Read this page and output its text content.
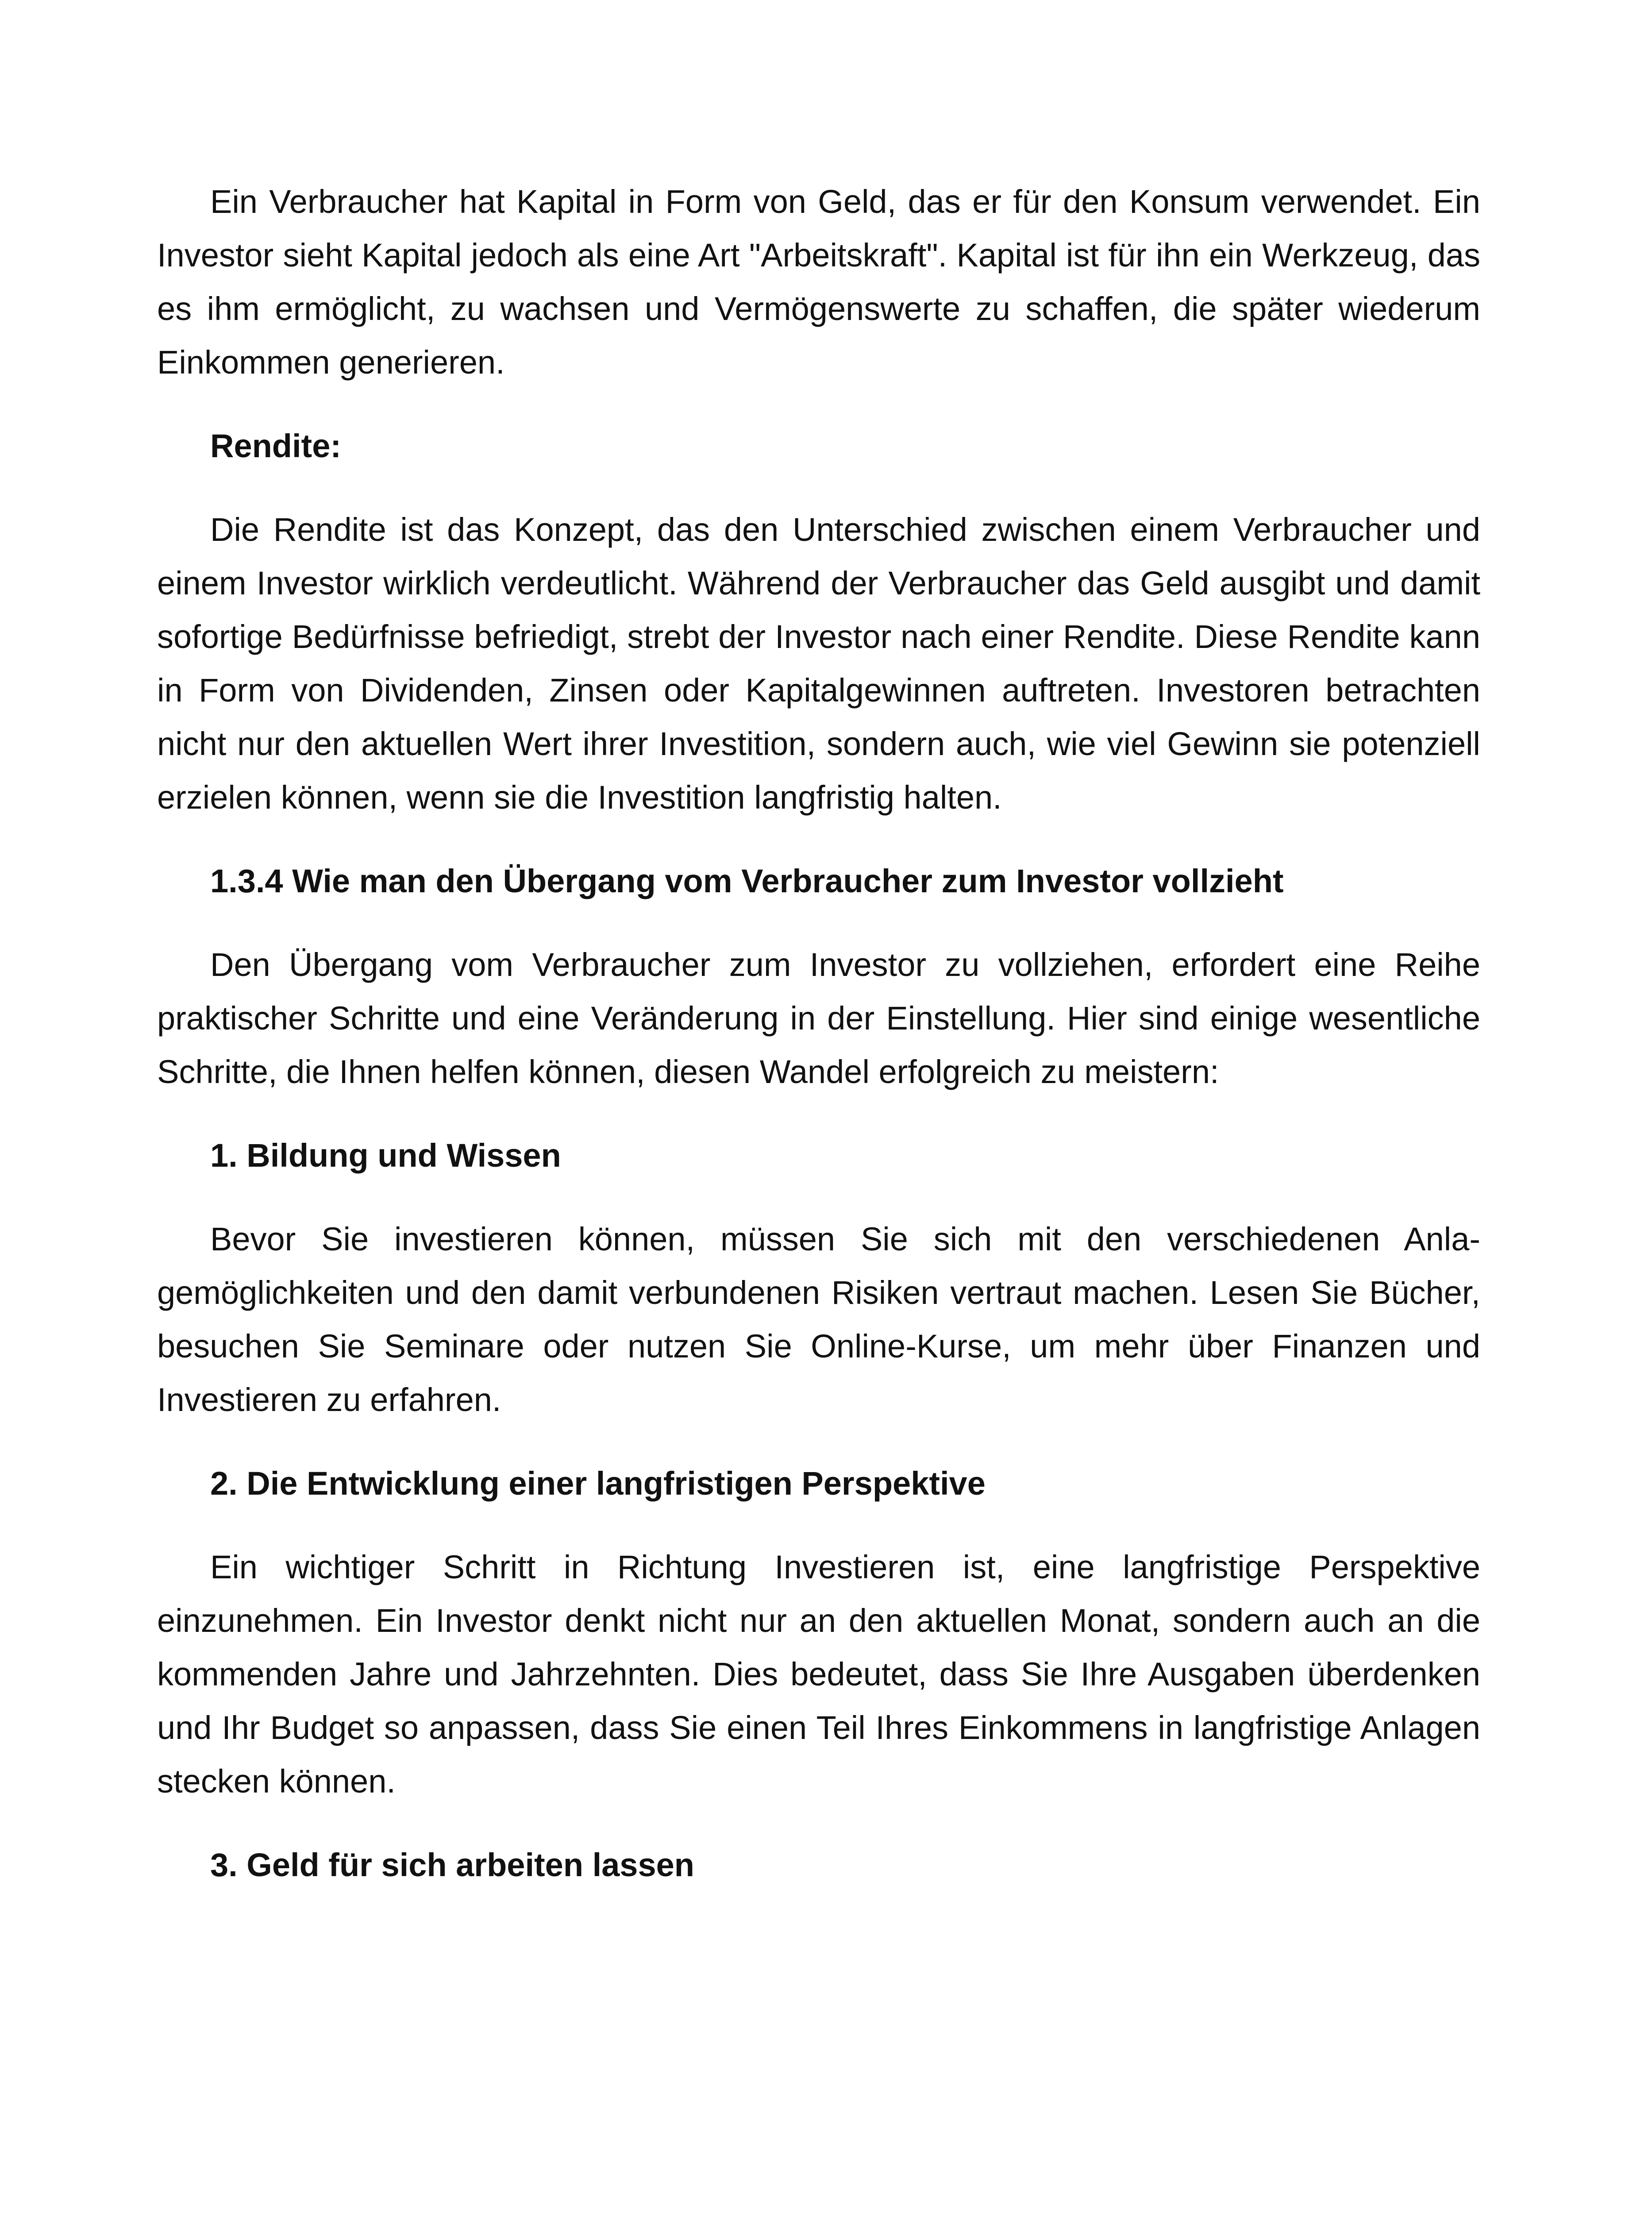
Ein Verbraucher hat Kapital in Form von Geld, das er für den Konsum verwendet. Ein Investor sieht Kapital jedoch als eine Art "Arbeitskraft". Kapital ist für ihn ein Werkzeug, das es ihm ermöglicht, zu wachsen und Vermögenswerte zu schaffen, die später wiederum Einkommen generieren.

Rendite:

Die Rendite ist das Konzept, das den Unterschied zwischen einem Verbraucher und einem Investor wirklich verdeutlicht. Während der Verbraucher das Geld ausgibt und damit sofortige Bedürfnisse befriedigt, strebt der Investor nach einer Rendite. Diese Rendite kann in Form von Dividenden, Zinsen oder Kapitalgewinnen auftreten. Investoren betrachten nicht nur den aktuellen Wert ihrer Investition, sondern auch, wie viel Gewinn sie potenziell erzielen können, wenn sie die Investition langfristig halten.

1.3.4 Wie man den Übergang vom Verbraucher zum Investor vollzieht

Den Übergang vom Verbraucher zum Investor zu vollziehen, erfordert eine Reihe praktischer Schritte und eine Veränderung in der Einstellung. Hier sind einige wesentliche Schritte, die Ihnen helfen können, diesen Wandel erfolgreich zu meistern:

1. Bildung und Wissen

Bevor Sie investieren können, müssen Sie sich mit den verschiedenen Anlagemöglichkeiten und den damit verbundenen Risiken vertraut machen. Lesen Sie Bücher, besuchen Sie Seminare oder nutzen Sie Online-Kurse, um mehr über Finanzen und Investieren zu erfahren.

2. Die Entwicklung einer langfristigen Perspektive

Ein wichtiger Schritt in Richtung Investieren ist, eine langfristige Perspektive einzunehmen. Ein Investor denkt nicht nur an den aktuellen Monat, sondern auch an die kommenden Jahre und Jahrzehnten. Dies bedeutet, dass Sie Ihre Ausgaben überdenken und Ihr Budget so anpassen, dass Sie einen Teil Ihres Einkommens in langfristige Anlagen stecken können.

3. Geld für sich arbeiten lassen
